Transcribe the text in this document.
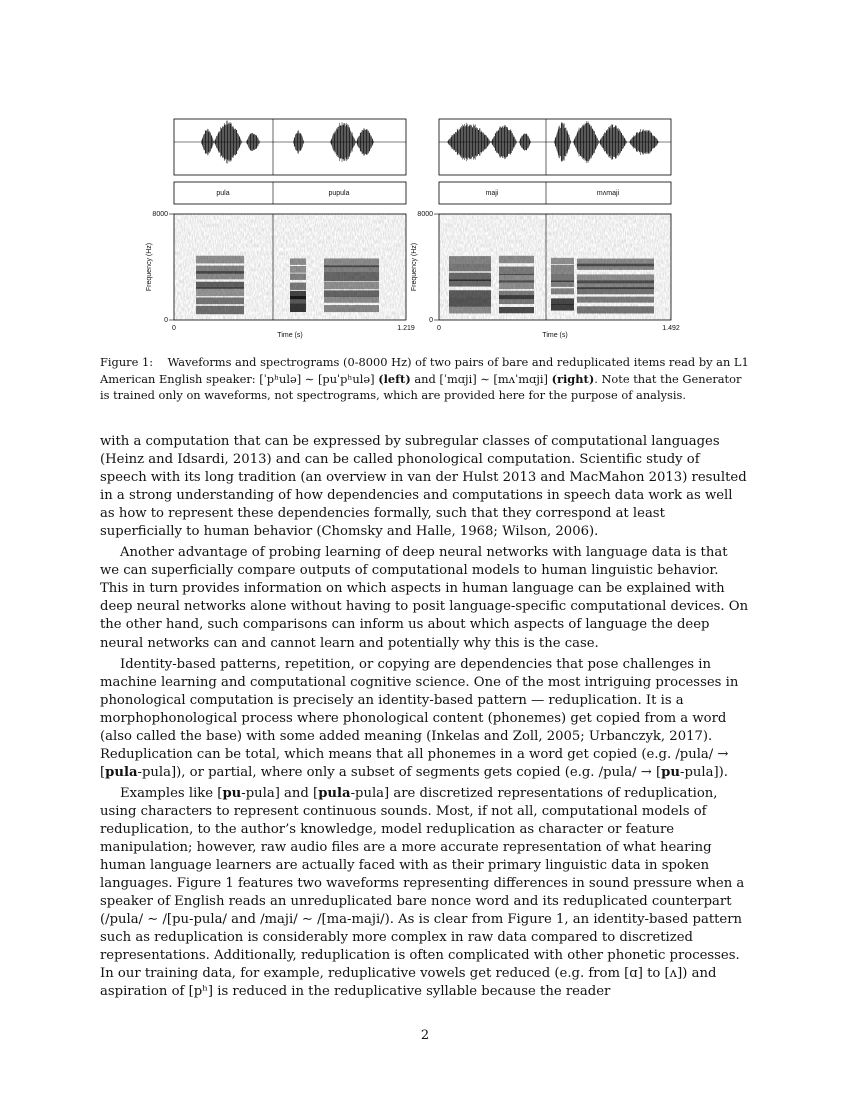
pula	pupula
8000
0
Frequency (Hz)
0	1.219
Time (s)
maji	mʌmaji
8000
0
Frequency (Hz)
0	1.492
Time (s)
Figure 1: Waveforms and spectrograms (0-8000 Hz) of two pairs of bare and reduplicated items read by an L1 American English speaker: [ˈpʰulə] ∼ [puˈpʰulə] (left) and [ˈmɑji] ∼ [mʌˈmɑji] (right). Note that the Generator is trained only on waveforms, not spectrograms, which are provided here for the purpose of analysis.

with a computation that can be expressed by subregular classes of computational languages (Heinz and Idsardi, 2013) and can be called phonological computation. Scientific study of speech with its long tradition (an overview in van der Hulst 2013 and MacMahon 2013) resulted in a strong understanding of how dependencies and computations in speech data work as well as how to represent these dependencies formally, such that they correspond at least superficially to human behavior (Chomsky and Halle, 1968; Wilson, 2006).

Another advantage of probing learning of deep neural networks with language data is that we can superficially compare outputs of computational models to human linguistic behavior. This in turn provides information on which aspects in human language can be explained with deep neural networks alone without having to posit language-specific computational devices. On the other hand, such comparisons can inform us about which aspects of language the deep neural networks can and cannot learn and potentially why this is the case.

Identity-based patterns, repetition, or copying are dependencies that pose challenges in machine learning and computational cognitive science. One of the most intriguing processes in phonological computation is precisely an identity-based pattern — reduplication. It is a morphophonological process where phonological content (phonemes) get copied from a word (also called the base) with some added meaning (Inkelas and Zoll, 2005; Urbanczyk, 2017). Reduplication can be total, which means that all phonemes in a word get copied (e.g. /pula/ → [pula-pula]), or partial, where only a subset of segments gets copied (e.g. /pula/ → [pu-pula]).

Examples like [pu-pula] and [pula-pula] are discretized representations of reduplication, using characters to represent continuous sounds. Most, if not all, computational models of reduplication, to the author’s knowledge, model reduplication as character or feature manipulation; however, raw audio files are a more accurate representation of what hearing human language learners are actually faced with as their primary linguistic data in spoken languages. Figure 1 features two waveforms representing differences in sound pressure when a speaker of English reads an unreduplicated bare nonce word and its reduplicated counterpart (/pula/ ∼ /[pu-pula/ and /maji/ ∼ /[ma-maji/). As is clear from Figure 1, an identity-based pattern such as reduplication is considerably more complex in raw data compared to discretized representations. Additionally, reduplication is often complicated with other phonetic processes. In our training data, for example, reduplicative vowels get reduced (e.g. from [ɑ] to [ʌ]) and aspiration of [pʰ] is reduced in the reduplicative syllable because the reader

2
